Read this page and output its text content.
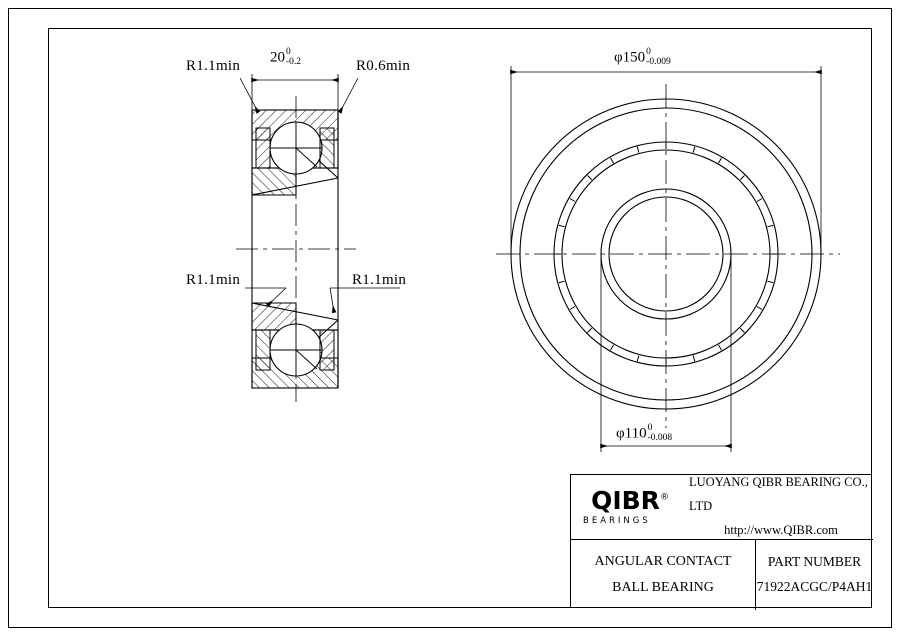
R1.1min	R0.6min
R1.1min	R1.1min
20 0
-0.2	φ150 0
-0.009
φ110 0
-0.008
QIBR®
BEARINGS
LUOYANG QIBR BEARING CO., LTD
http://www.QIBR.com
ANGULAR CONTACT
BALL BEARING
PART NUMBER
71922ACGC/P4AH1
